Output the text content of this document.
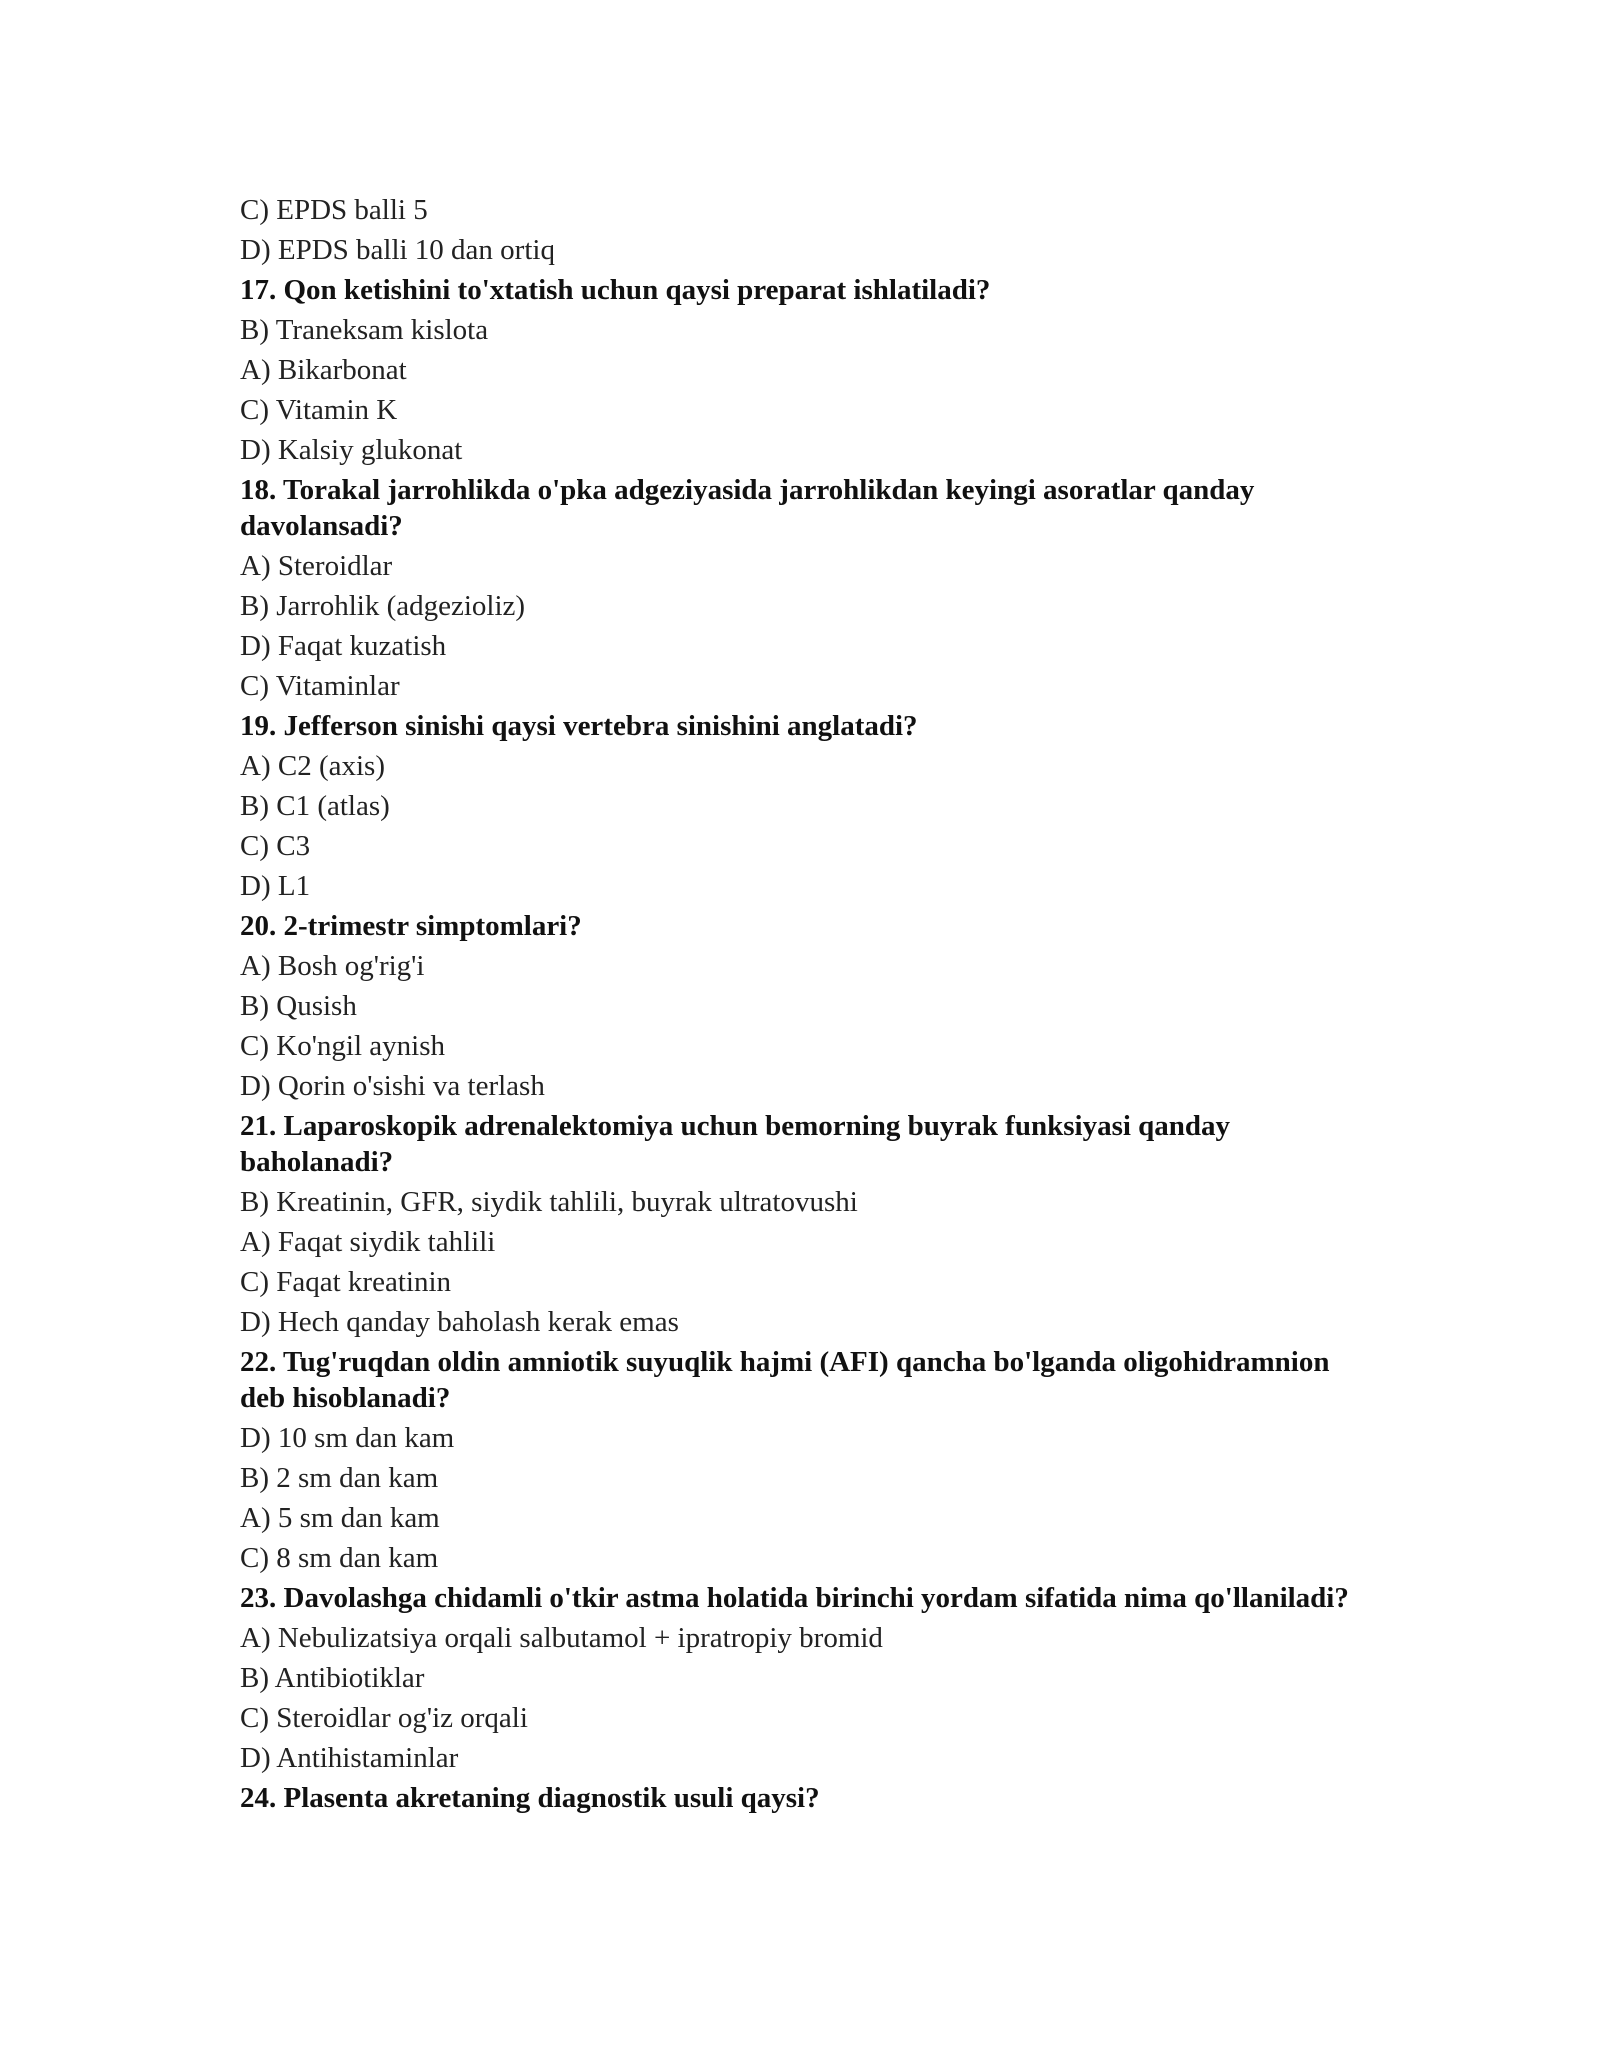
C) EPDS balli 5
D) EPDS balli 10 dan ortiq
17. Qon ketishini to'xtatish uchun qaysi preparat ishlatiladi?
B) Traneksam kislota
A) Bikarbonat
C) Vitamin K
D) Kalsiy glukonat
18. Torakal jarrohlikda o'pka adgeziyasida jarrohlikdan keyingi asoratlar qanday davolansadi?
A) Steroidlar
B) Jarrohlik (adgezioliz)
D) Faqat kuzatish
C) Vitaminlar
19. Jefferson sinishi qaysi vertebra sinishini anglatadi?
A) C2 (axis)
B) C1 (atlas)
C) C3
D) L1
20. 2-trimestr simptomlari?
A) Bosh og'rig'i
B) Qusish
C) Ko'ngil aynish
D) Qorin o'sishi va terlash
21. Laparoskopik adrenalektomiya uchun bemorning buyrak funksiyasi qanday baholanadi?
B) Kreatinin, GFR, siydik tahlili, buyrak ultratovushi
A) Faqat siydik tahlili
C) Faqat kreatinin
D) Hech qanday baholash kerak emas
22. Tug'ruqdan oldin amniotik suyuqlik hajmi (AFI) qancha bo'lganda oligohidramnion deb hisoblanadi?
D) 10 sm dan kam
B) 2 sm dan kam
A) 5 sm dan kam
C) 8 sm dan kam
23. Davolashga chidamli o'tkir astma holatida birinchi yordam sifatida nima qo'llaniladi?
A) Nebulizatsiya orqali salbutamol + ipratropiy bromid
B) Antibiotiklar
C) Steroidlar og'iz orqali
D) Antihistaminlar
24. Plasenta akretaning diagnostik usuli qaysi?
